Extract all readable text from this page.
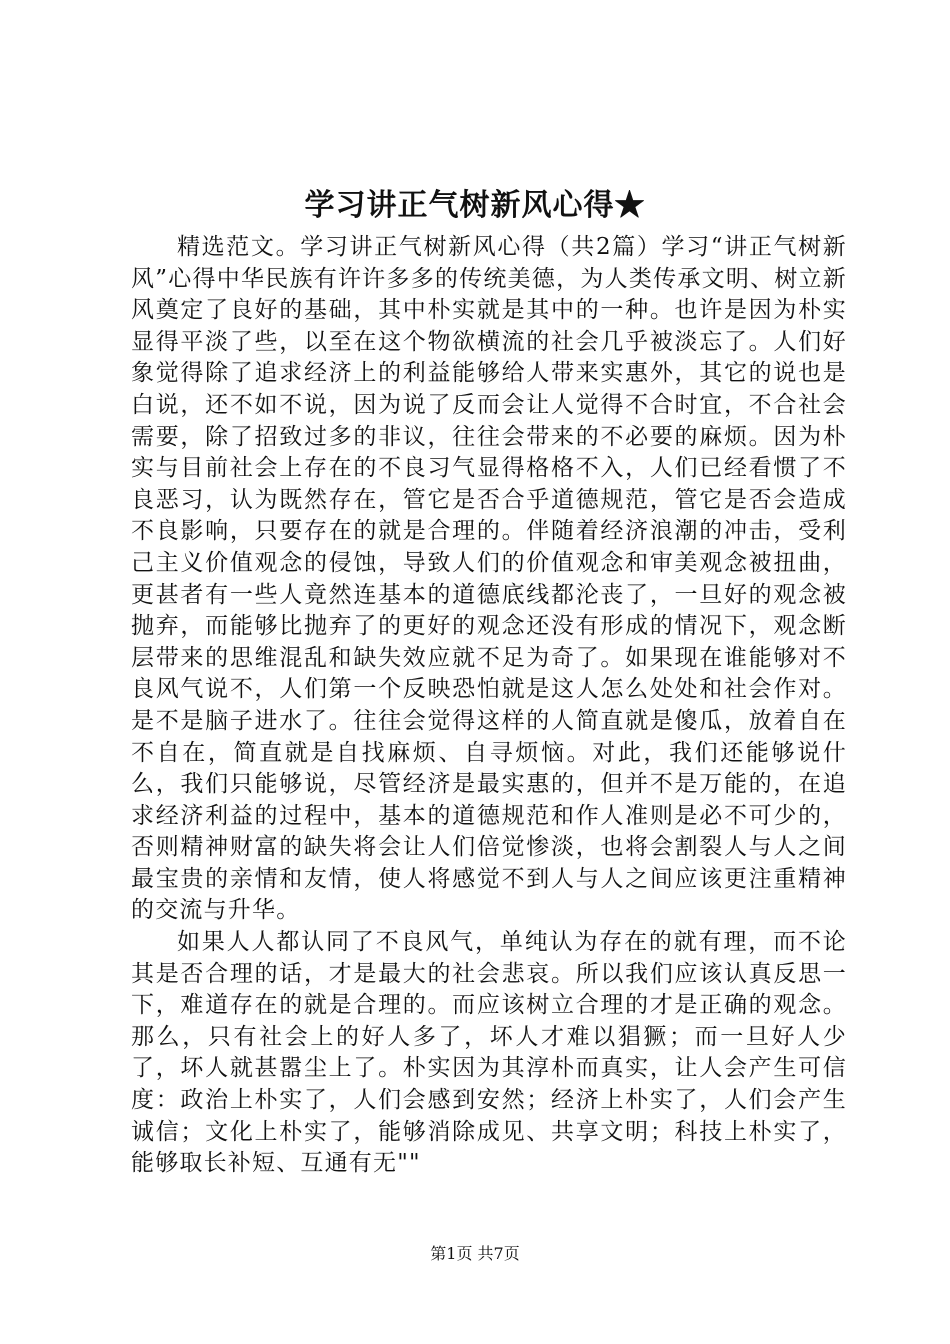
学习讲正气树新风心得★

精选范文。学习讲正气树新风心得（共2篇）学习“讲正气树新风”心得中华民族有许许多多的传统美德，为人类传承文明、树立新风奠定了良好的基础，其中朴实就是其中的一种。也许是因为朴实显得平淡了些，以至在这个物欲横流的社会几乎被淡忘了。人们好象觉得除了追求经济上的利益能够给人带来实惠外，其它的说也是白说，还不如不说，因为说了反而会让人觉得不合时宜，不合社会需要，除了招致过多的非议，往往会带来的不必要的麻烦。因为朴实与目前社会上存在的不良习气显得格格不入，人们已经看惯了不良恶习，认为既然存在，管它是否合乎道德规范，管它是否会造成不良影响，只要存在的就是合理的。伴随着经济浪潮的冲击，受利己主义价值观念的侵蚀，导致人们的价值观念和审美观念被扭曲，更甚者有一些人竟然连基本的道德底线都沦丧了，一旦好的观念被抛弃，而能够比抛弃了的更好的观念还没有形成的情况下，观念断层带来的思维混乱和缺失效应就不足为奇了。如果现在谁能够对不良风气说不，人们第一个反映恐怕就是这人怎么处处和社会作对。是不是脑子进水了。往往会觉得这样的人简直就是傻瓜，放着自在不自在，简直就是自找麻烦、自寻烦恼。对此，我们还能够说什么，我们只能够说，尽管经济是最实惠的，但并不是万能的，在追求经济利益的过程中，基本的道德规范和作人准则是必不可少的，否则精神财富的缺失将会让人们倍觉惨淡，也将会割裂人与人之间最宝贵的亲情和友情，使人将感觉不到人与人之间应该更注重精神的交流与升华。

如果人人都认同了不良风气，单纯认为存在的就有理，而不论其是否合理的话，才是最大的社会悲哀。所以我们应该认真反思一下，难道存在的就是合理的。而应该树立合理的才是正确的观念。那么，只有社会上的好人多了，坏人才难以猖獗；而一旦好人少了，坏人就甚嚣尘上了。朴实因为其淳朴而真实，让人会产生可信度：政治上朴实了，人们会感到安然；经济上朴实了，人们会产生诚信；文化上朴实了，能够消除成见、共享文明；科技上朴实了，能够取长补短、互通有无""

第1页 共7页
